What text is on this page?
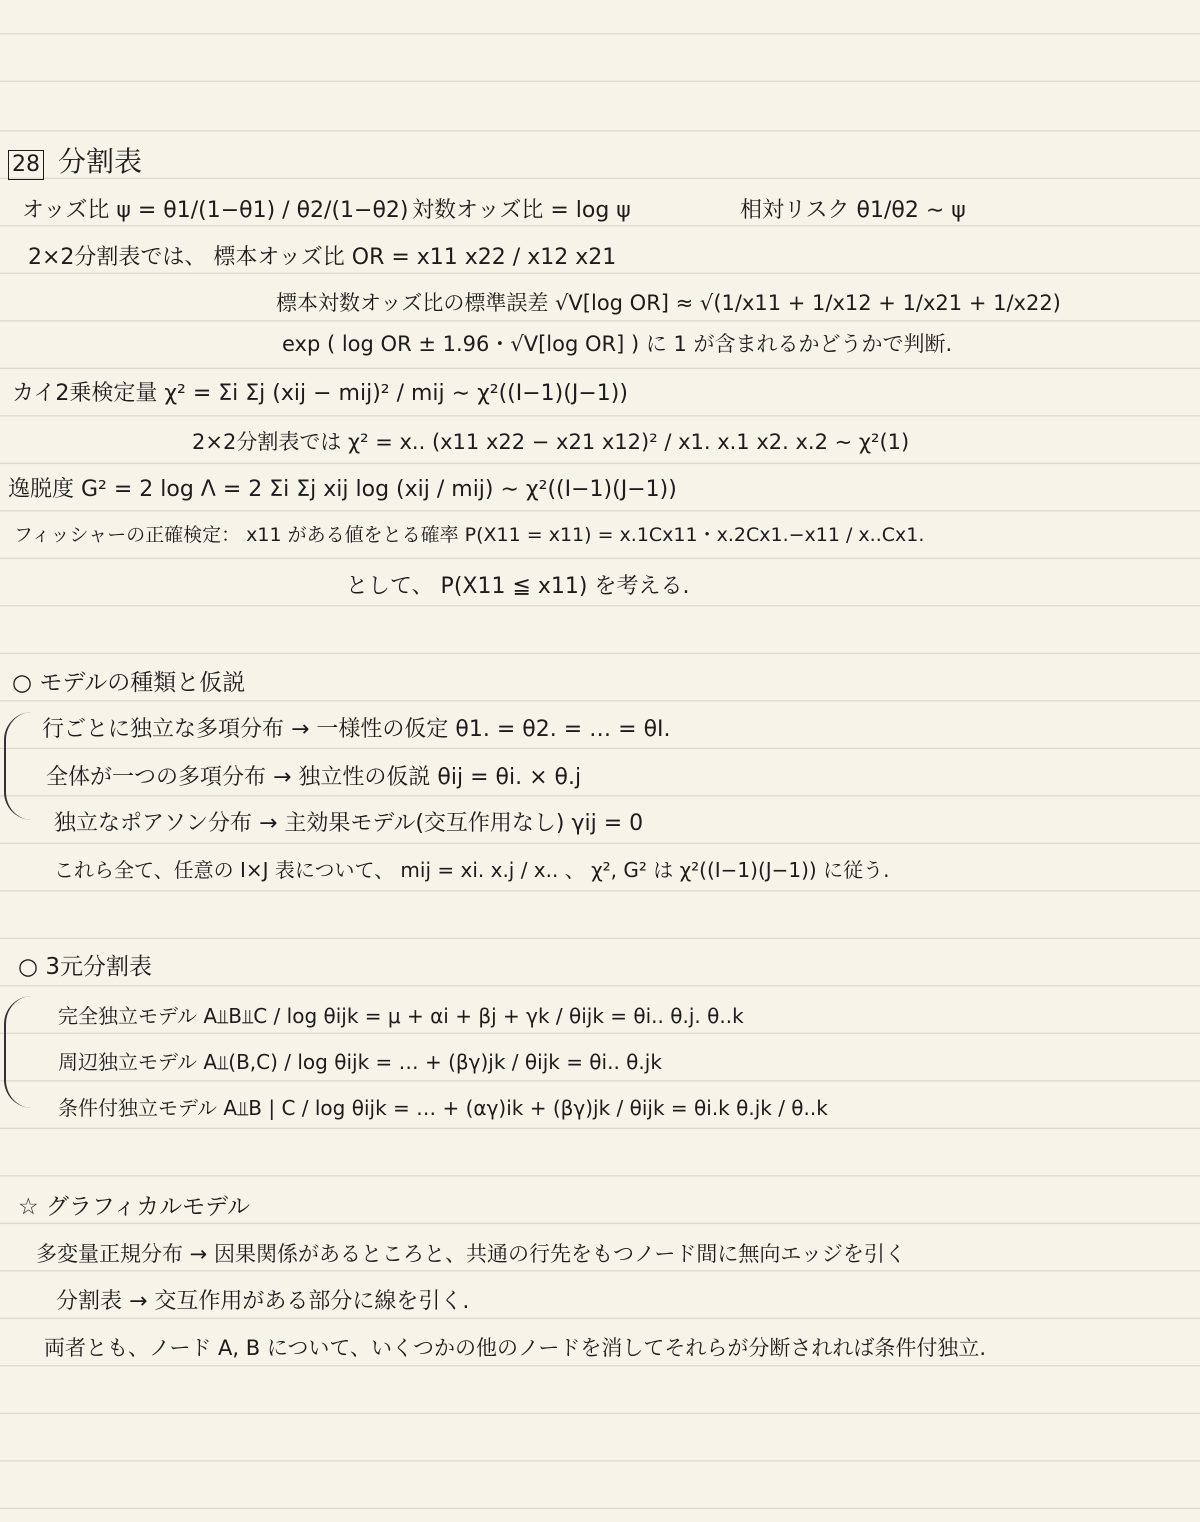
28 分割表
オッズ比 ψ = θ1/(1−θ1) / θ2/(1−θ2) 対数オッズ比 = log ψ	相対リスク θ1/θ2 ∼ ψ
2×2分割表では、 標本オッズ比 OR = x11 x22 / x12 x21
標本対数オッズ比の標準誤差 √V[log OR] ≈ √(1/x11 + 1/x12 + 1/x21 + 1/x22)
exp ( log OR ± 1.96・√V[log OR] ) に 1 が含まれるかどうかで判断.
カイ2乗検定量 χ² = Σi Σj (xij − mij)² / mij ∼ χ²((I−1)(J−1))
2×2分割表では χ² = x.. (x11 x22 − x21 x12)² / x1. x.1 x2. x.2 ∼ χ²(1)
逸脱度 G² = 2 log Λ = 2 Σi Σj xij log (xij / mij) ∼ χ²((I−1)(J−1))
フィッシャーの正確検定： x11 がある値をとる確率 P(X11 = x11) = x.1Cx11・x.2Cx1.−x11 / x..Cx1.
として、 P(X11 ≦ x11) を考える.
○ モデルの種類と仮説
行ごとに独立な多項分布 → 一様性の仮定 θ1. = θ2. = … = θI.
全体が一つの多項分布 → 独立性の仮説 θij = θi. × θ.j
独立なポアソン分布 → 主効果モデル(交互作用なし) γij = 0
これら全て、任意の I×J 表について、 mij = xi. x.j / x.. 、 χ², G² は χ²((I−1)(J−1)) に従う.
○ 3元分割表
完全独立モデル A⫫B⫫C / log θijk = μ + αi + βj + γk / θijk = θi.. θ.j. θ..k
周辺独立モデル A⫫(B,C) / log θijk = … + (βγ)jk / θijk = θi.. θ.jk
条件付独立モデル A⫫B | C / log θijk = … + (αγ)ik + (βγ)jk / θijk = θi.k θ.jk / θ..k
☆ グラフィカルモデル
多変量正規分布 → 因果関係があるところと、共通の行先をもつノード間に無向エッジを引く
分割表 → 交互作用がある部分に線を引く.
両者とも、ノード A, B について、いくつかの他のノードを消してそれらが分断されれば条件付独立.
